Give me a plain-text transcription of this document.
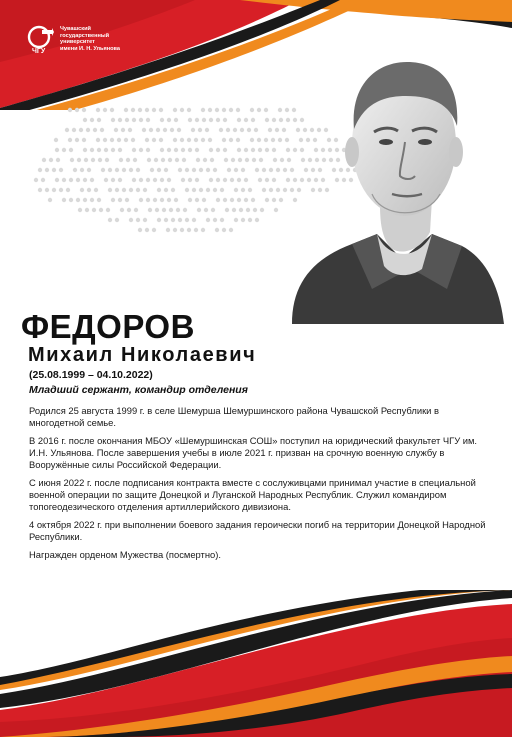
ЧГУ
Чувашский
государственный
университет
имени И. Н. Ульянова
ФЕДОРОВ
Михаил Николаевич
(25.08.1999 – 04.10.2022)
Младший сержант, командир отделения

Родился 25 августа 1999 г. в селе Шемурша Шемуршинского района Чувашской Республики в многодетной семье.

В 2016 г. после окончания МБОУ «Шемуршинская СОШ» поступил на юридический факультет ЧГУ им. И.Н. Ульянова. После завершения учебы в июле 2021 г. призван на срочную военную службу в Вооружённые силы Российской Федерации.

С июня 2022 г. после подписания контракта вместе с сослуживцами принимал участие в специальной военной операции по защите Донецкой и Луганской Народных Республик. Служил командиром топогеодезического отделения артиллерийского дивизиона.

4 октября 2022 г. при выполнении боевого задания героически погиб на территории Донецкой Народной Республики.

Награжден орденом Мужества (посмертно).
